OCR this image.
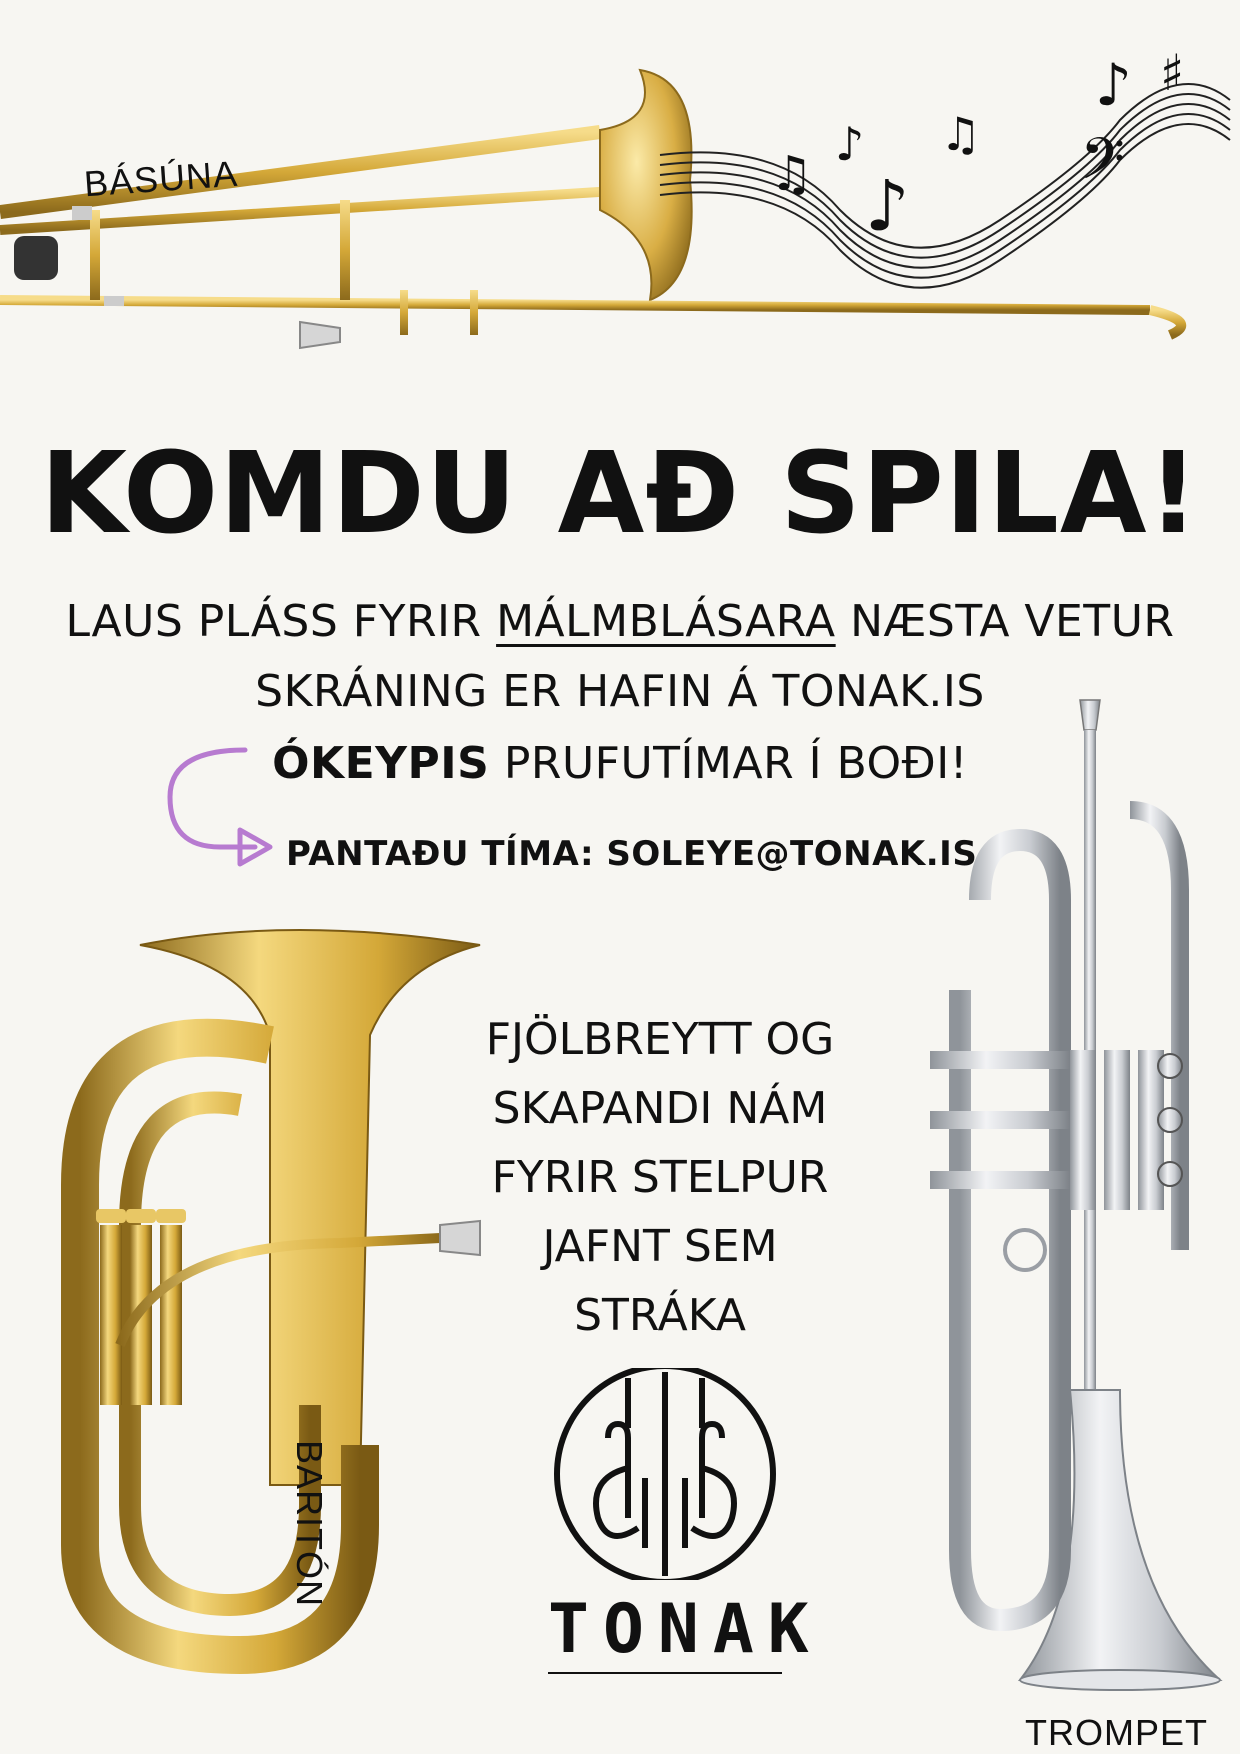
♫
♪
♪
♫
♪ ♯
𝄢
BÁSÚNA
KOMDU AÐ SPILA!
LAUS PLÁSS FYRIR MÁLMBLÁSARA NÆSTA VETUR
SKRÁNING ER HAFIN Á TONAK.IS
ÓKEYPIS PRUFUTÍMAR Í BOÐI!
PANTAÐU TÍMA: SOLEYE@TONAK.IS
BARITÓN
FJÖLBREYTT OG
SKAPANDI NÁM
FYRIR STELPUR
JAFNT SEM
STRÁKA
TONAK
TROMPET
